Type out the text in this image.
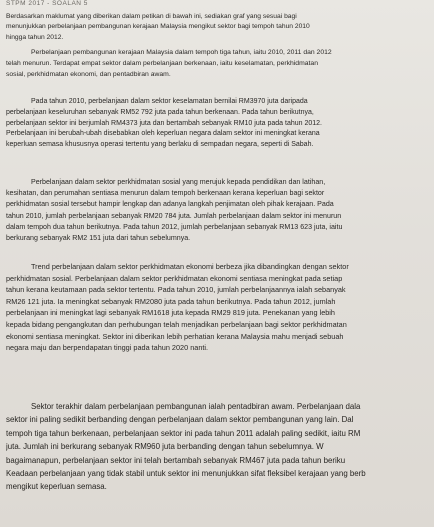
STPM 2017 - SOALAN 5
Berdasarkan maklumat yang diberikan dalam petikan di bawah ini, sediakan graf yang sesuai bagi
menunjukkan perbelanjaan pembangunan kerajaan Malaysia mengikut sektor bagi tempoh tahun 2010
hingga tahun 2012.
Perbelanjaan pembangunan kerajaan Malaysia dalam tempoh tiga tahun, iaitu 2010, 2011 dan 2012
telah menurun. Terdapat empat sektor dalam perbelanjaan berkenaan, iaitu keselamatan, perkhidmatan
sosial, perkhidmatan ekonomi, dan pentadbiran awam.
Pada tahun 2010, perbelanjaan dalam sektor keselamatan bernilai RM3970 juta daripada
perbelanjaan keseluruhan sebanyak RM52 792 juta pada tahun berkenaan. Pada tahun berikutnya,
perbelanjaan sektor ini berjumlah RM4373 juta dan bertambah sebanyak RM10 juta pada tahun 2012.
Perbelanjaan ini berubah-ubah disebabkan oleh keperluan negara dalam sektor ini meningkat kerana
keperluan semasa khususnya operasi tertentu yang berlaku di sempadan negara, seperti di Sabah.
Perbelanjaan dalam sektor perkhidmatan sosial yang merujuk kepada pendidikan dan latihan,
kesihatan, dan perumahan sentiasa menurun dalam tempoh berkenaan kerana keperluan bagi sektor
perkhidmatan sosial tersebut hampir lengkap dan adanya langkah penjimatan oleh pihak kerajaan. Pada
tahun 2010, jumlah perbelanjaan sebanyak RM20 784 juta. Jumlah perbelanjaan dalam sektor ini menurun
dalam tempoh dua tahun berikutnya. Pada tahun 2012, jumlah perbelanjaan sebanyak RM13 623 juta, iaitu
berkurang sebanyak RM2 151 juta dari tahun sebelumnya.
Trend perbelanjaan dalam sektor perkhidmatan ekonomi berbeza jika dibandingkan dengan sektor
perkhidmatan sosial. Perbelanjaan dalam sektor perkhidmatan ekonomi sentiasa meningkat pada setiap
tahun kerana keutamaan pada sektor tertentu. Pada tahun 2010, jumlah perbelanjaannya ialah sebanyak
RM26 121 juta. Ia meningkat sebanyak RM2080 juta pada tahun berikutnya. Pada tahun 2012, jumlah
perbelanjaan ini meningkat lagi sebanyak RM1618 juta kepada RM29 819 juta. Penekanan yang lebih
kepada bidang pengangkutan dan perhubungan telah menjadikan perbelanjaan bagi sektor perkhidmatan
ekonomi sentiasa meningkat. Sektor ini diberikan lebih perhatian kerana Malaysia mahu menjadi sebuah
negara maju dan berpendapatan tinggi pada tahun 2020 nanti.
Sektor terakhir dalam perbelanjaan pembangunan ialah pentadbiran awam. Perbelanjaan dala
sektor ini paling sedikit berbanding dengan perbelanjaan dalam sektor pembangunan yang lain. Dal
tempoh tiga tahun berkenaan, perbelanjaan sektor ini pada tahun 2011 adalah paling sedikit, iaitu RM
juta. Jumlah ini berkurang sebanyak RM960 juta berbanding dengan tahun sebelumnya. W
bagaimanapun, perbelanjaan sektor ini telah bertambah sebanyak RM467 juta pada tahun beriku
Keadaan perbelanjaan yang tidak stabil untuk sektor ini menunjukkan sifat fleksibel kerajaan yang berb
mengikut keperluan semasa.
